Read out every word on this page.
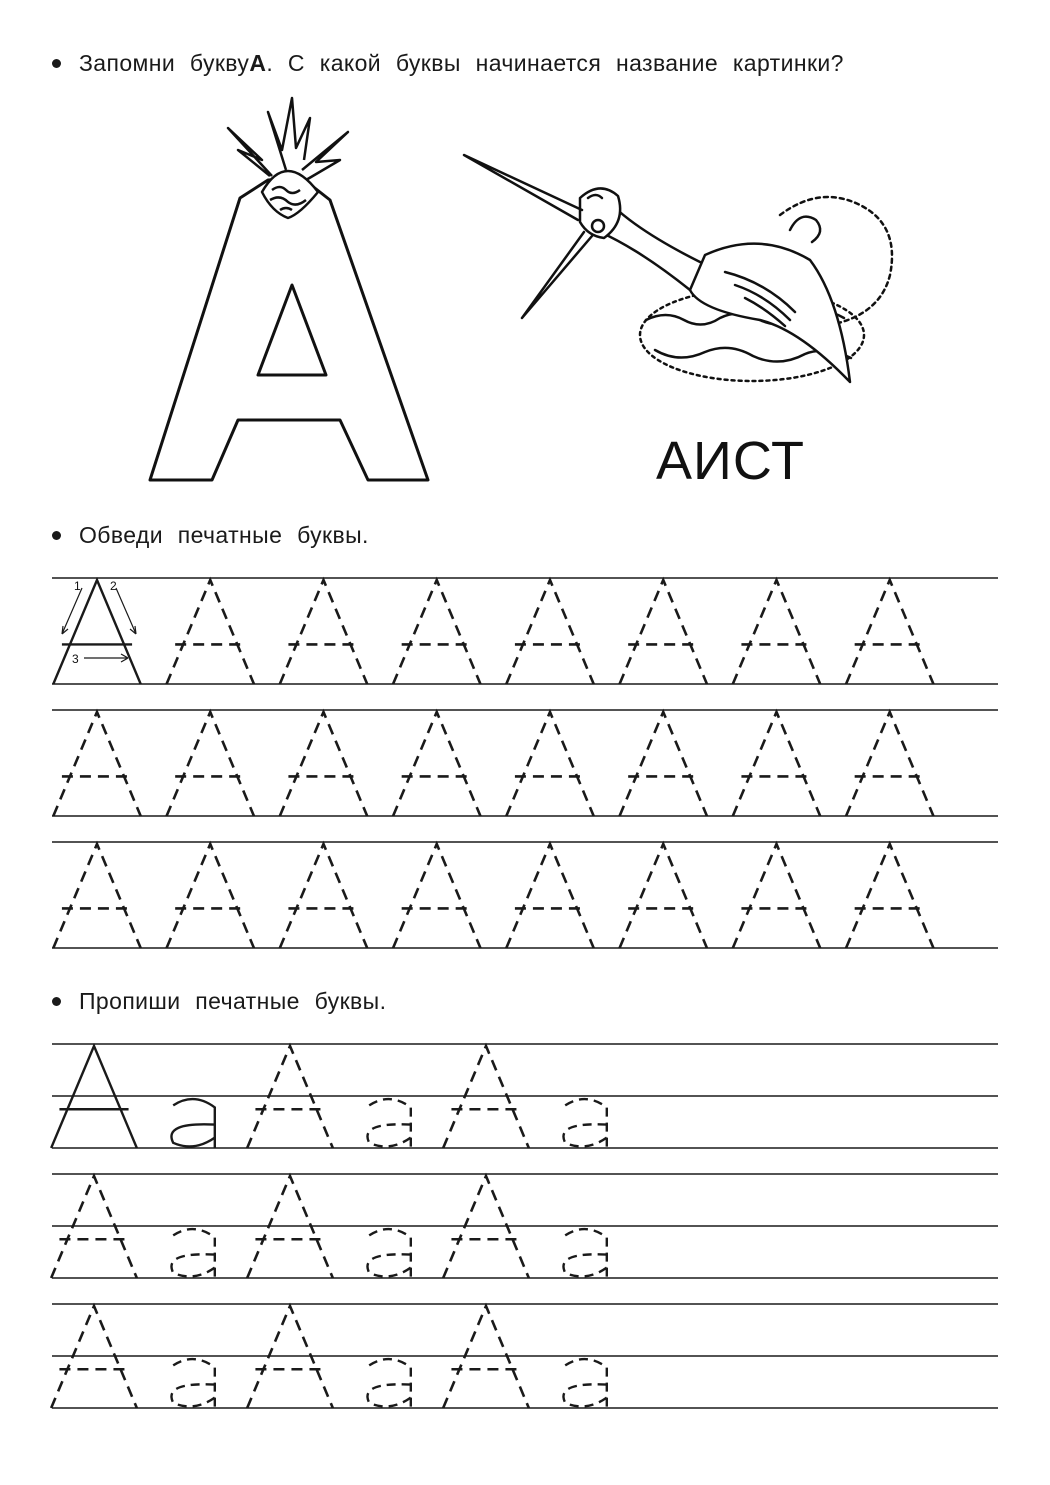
Запомни букву А . С какой буквы начинается название картинки?
АИСТ
Обведи печатные буквы.
1 2
3
Пропиши печатные буквы.
